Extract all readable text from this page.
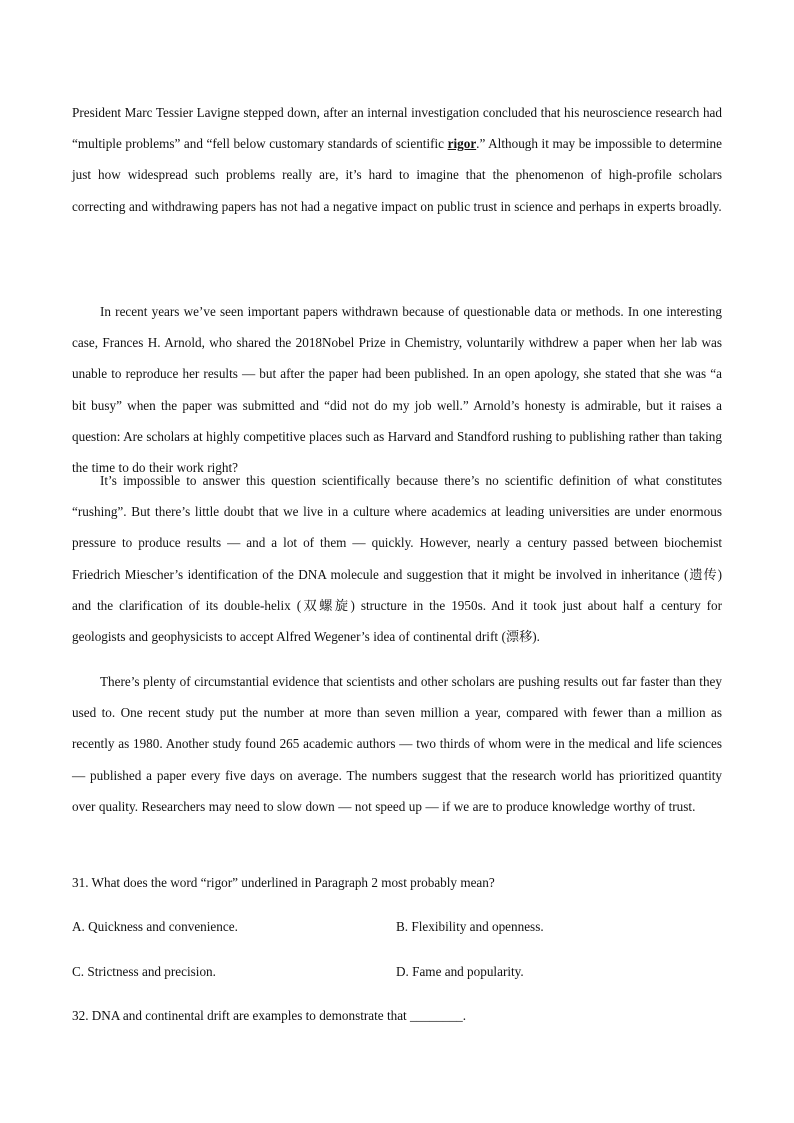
President Marc Tessier Lavigne stepped down, after an internal investigation concluded that his neuroscience research had “multiple problems” and “fell below customary standards of scientific rigor.” Although it may be impossible to determine just how widespread such problems really are, it’s hard to imagine that the phenomenon of high-profile scholars correcting and withdrawing papers has not had a negative impact on public trust in science and perhaps in experts broadly.

In recent years we’ve seen important papers withdrawn because of questionable data or methods. In one interesting case, Frances H. Arnold, who shared the 2018Nobel Prize in Chemistry, voluntarily withdrew a paper when her lab was unable to reproduce her results — but after the paper had been published. In an open apology, she stated that she was “a bit busy” when the paper was submitted and “did not do my job well.” Arnold’s honesty is admirable, but it raises a question: Are scholars at highly competitive places such as Harvard and Standford rushing to publishing rather than taking the time to do their work right?

It’s impossible to answer this question scientifically because there’s no scientific definition of what constitutes “rushing”. But there’s little doubt that we live in a culture where academics at leading universities are under enormous pressure to produce results — and a lot of them — quickly. However, nearly a century passed between biochemist Friedrich Miescher’s identification of the DNA molecule and suggestion that it might be involved in inheritance (遗传) and the clarification of its double-helix (双螺旋) structure in the 1950s. And it took just about half a century for geologists and geophysicists to accept Alfred Wegener’s idea of continental drift (漂移).

There’s plenty of circumstantial evidence that scientists and other scholars are pushing results out far faster than they used to. One recent study put the number at more than seven million a year, compared with fewer than a million as recently as 1980. Another study found 265 academic authors — two thirds of whom were in the medical and life sciences — published a paper every five days on average. The numbers suggest that the research world has prioritized quantity over quality. Researchers may need to slow down — not speed up — if we are to produce knowledge worthy of trust.

31. What does the word “rigor” underlined in Paragraph 2 most probably mean?
A. Quickness and convenience.	B. Flexibility and openness.
C. Strictness and precision.	D. Fame and popularity.
32. DNA and continental drift are examples to demonstrate that ________.
